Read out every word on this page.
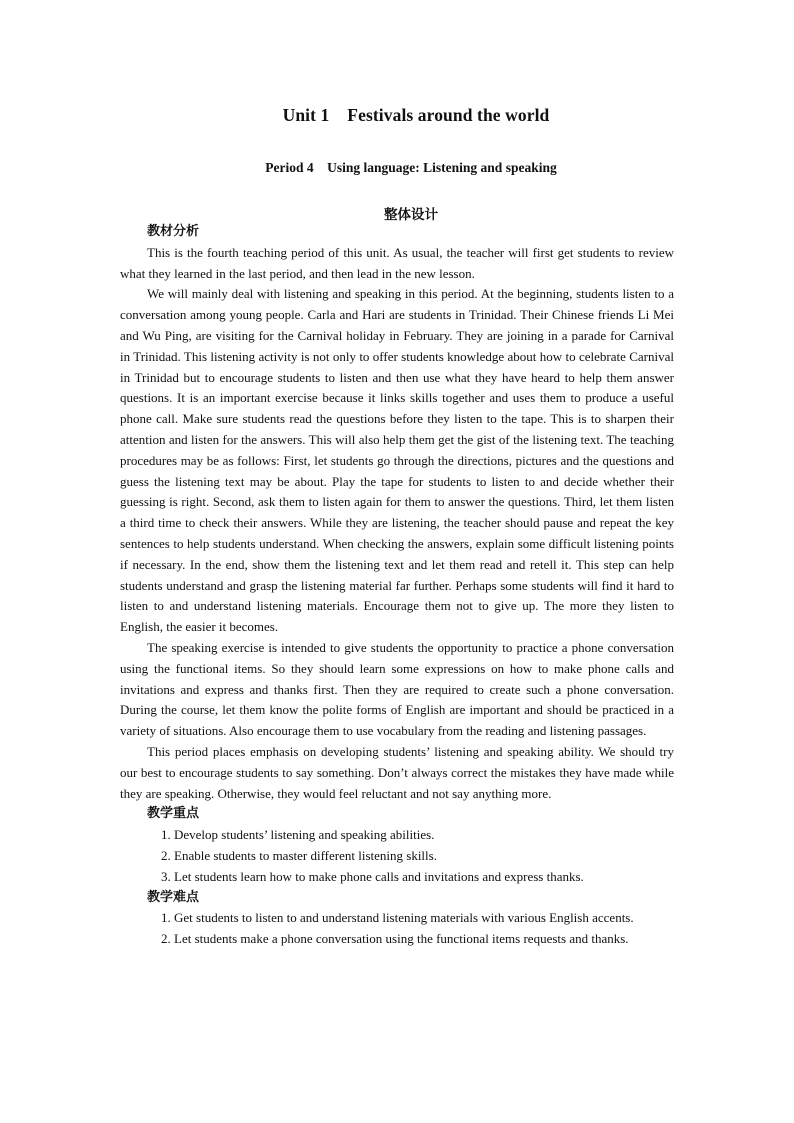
Unit 1    Festivals around the world
Period 4    Using language: Listening and speaking
整体设计

教材分析

This is the fourth teaching period of this unit. As usual, the teacher will first get students to review what they learned in the last period, and then lead in the new lesson.

We will mainly deal with listening and speaking in this period. At the beginning, students listen to a conversation among young people. Carla and Hari are students in Trinidad. Their Chinese friends Li Mei and Wu Ping, are visiting for the Carnival holiday in February. They are joining in a parade for Carnival in Trinidad. This listening activity is not only to offer students knowledge about how to celebrate Carnival in Trinidad but to encourage students to listen and then use what they have heard to help them answer questions. It is an important exercise because it links skills together and uses them to produce a useful phone call. Make sure students read the questions before they listen to the tape. This is to sharpen their attention and listen for the answers. This will also help them get the gist of the listening text. The teaching procedures may be as follows: First, let students go through the directions, pictures and the questions and guess the listening text may be about. Play the tape for students to listen to and decide whether their guessing is right. Second, ask them to listen again for them to answer the questions. Third, let them listen a third time to check their answers. While they are listening, the teacher should pause and repeat the key sentences to help students understand. When checking the answers, explain some difficult listening points if necessary. In the end, show them the listening text and let them read and retell it. This step can help students understand and grasp the listening material far further. Perhaps some students will find it hard to listen to and understand listening materials. Encourage them not to give up. The more they listen to English, the easier it becomes.

The speaking exercise is intended to give students the opportunity to practice a phone conversation using the functional items. So they should learn some expressions on how to make phone calls and invitations and express and thanks first. Then they are required to create such a phone conversation. During the course, let them know the polite forms of English are important and should be practiced in a variety of situations. Also encourage them to use vocabulary from the reading and listening passages.

This period places emphasis on developing students’ listening and speaking ability. We should try our best to encourage students to say something. Don’t always correct the mistakes they have made while they are speaking. Otherwise, they would feel reluctant and not say anything more.

教学重点

1. Develop students’ listening and speaking abilities.

2. Enable students to master different listening skills.

3. Let students learn how to make phone calls and invitations and express thanks.

教学难点

1. Get students to listen to and understand listening materials with various English accents.

2. Let students make a phone conversation using the functional items requests and thanks.
